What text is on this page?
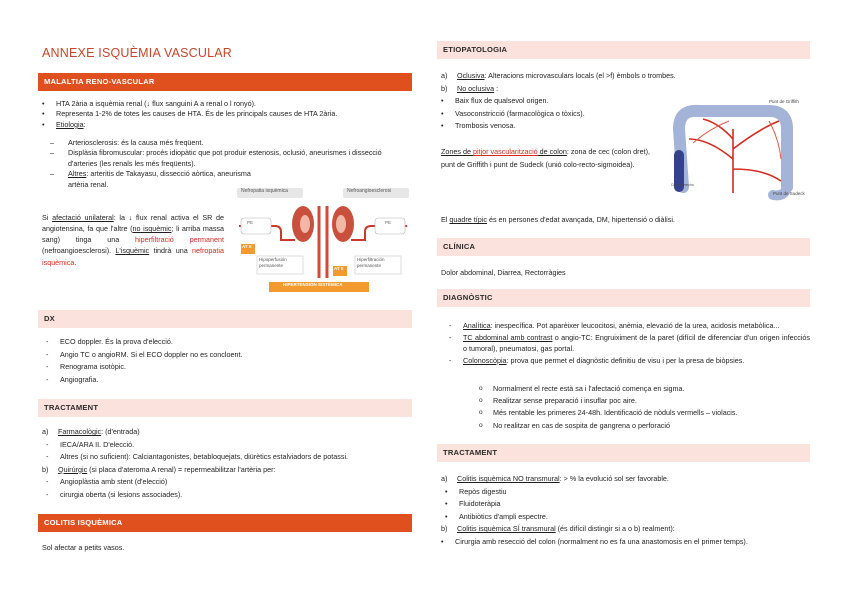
ANNEXE ISQUÈMIA VASCULAR
MALALTIA RENO-VASCULAR
• HTA 2ària a isquèmia renal (↓ flux sanguini A a renal o l ronyó).
• Representa 1-2% de totes les causes de HTA. És de les principals causes de HTA 2ària.
• Etiologia:
– Arteriosclerosis: és la causa més freqüent.
– Displàsia fibromuscular: procés idiopàtic que pot produir estenosis, oclusió, aneurismes i dissecció d'arteries (les renals les més freqüents).
– Altres: arteritis de Takayasu, dissecció aòrtica, aneurisma artèria renal.

Si afectació unilateral: la ↓ flux renal activa el SR de angiotensina, fa que l'altre (no isquèmic; li arriba massa sang) tinga una hiperfiltració permanent (nefroangioesclerosi). L'isquèmic tindrà una nefropatia isquèmica.

Nefropatia isquèmica	Nefroangioesclerosi
PE	PE
AT II
AT II
Hipoperfusión permanente
Hiperfiltración permanente
HIPERTENSIÓN SISTÉMICA
DX
- ECO doppler. És la prova d'elecció.
- Angio TC o angioRM. Si el ECO doppler no es concloent.
- Renograma isotòpic.
- Angiografia.
TRACTAMENT
a) Farmacològic: (d'entrada)
- IECA/ARA II. D'elecció.
- Altres (si no suficient): Calciantagonistes, betabloquejats, diürètics estalviadors de potassi.
b) Quirúrgic (si placa d'ateroma A renal) = repermeabilitzar l'artèria per:
- Angioplàstia amb stent (d'elecció)
- cirurgia oberta (si lesions associades).
COLITIS ISQUÈMICA
Sol afectar a petits vasos.
ETIOPATOLOGIA
a) Oclusiva: Alteracions microvasculars locals (el >f) èmbols o trombes.
b) No oclusiva :
• Baix flux de qualsevol origen.
• Vasoconstricció (farmacològica o tòxics).
• Trombosis venosa.

Zones de pitjor vascularització de colon: zona de cec (colon dret), punt de Griffith i punt de Sudeck (unió colo-recto-sigmoidea).

Punt de Griffith
Punt de Sudeck
Colon derecho

El quadre típic és en persones d'edat avançada, DM, hipertensió o diàlisi.

CLÍNICA
Dolor abdominal, Diarrea, Rectorràgies
DIAGNÒSTIC
- Analítica: inespecífica. Pot aparèixer leucocitosi, anèmia, elevació de la urea, acidosis metabòlica...
- TC abdominal amb contrast o angio-TC: Engruiximent de la paret (difícil de diferenciar d'un origen infecciós o tumoral), pneumatosi, gas portal.
- Colonoscòpia: prova que permet el diagnòstic definitiu de visu i per la presa de biòpsies.
o Normalment el recte està sa i l'afectació comença en sigma.
o Realitzar sense preparació i insuflar poc aire.
o Més rentable les primeres 24-48h. Identificació de nòduls vermells – violacis.
o No realitzar en cas de sospita de gangrena o perforació
TRACTAMENT
a) Colitis isquèmica NO transmural: > % la evolució sol ser favorable.
• Repòs digestiu
• Fluidoteràpia
• Antibiòtics d'ampli espectre.
b) Colitis isquèmica SÍ transmural (és difícil distingir si a o b) realment):
• Cirurgia amb resecció del colon (normalment no es fa una anastomosis en el primer temps).
